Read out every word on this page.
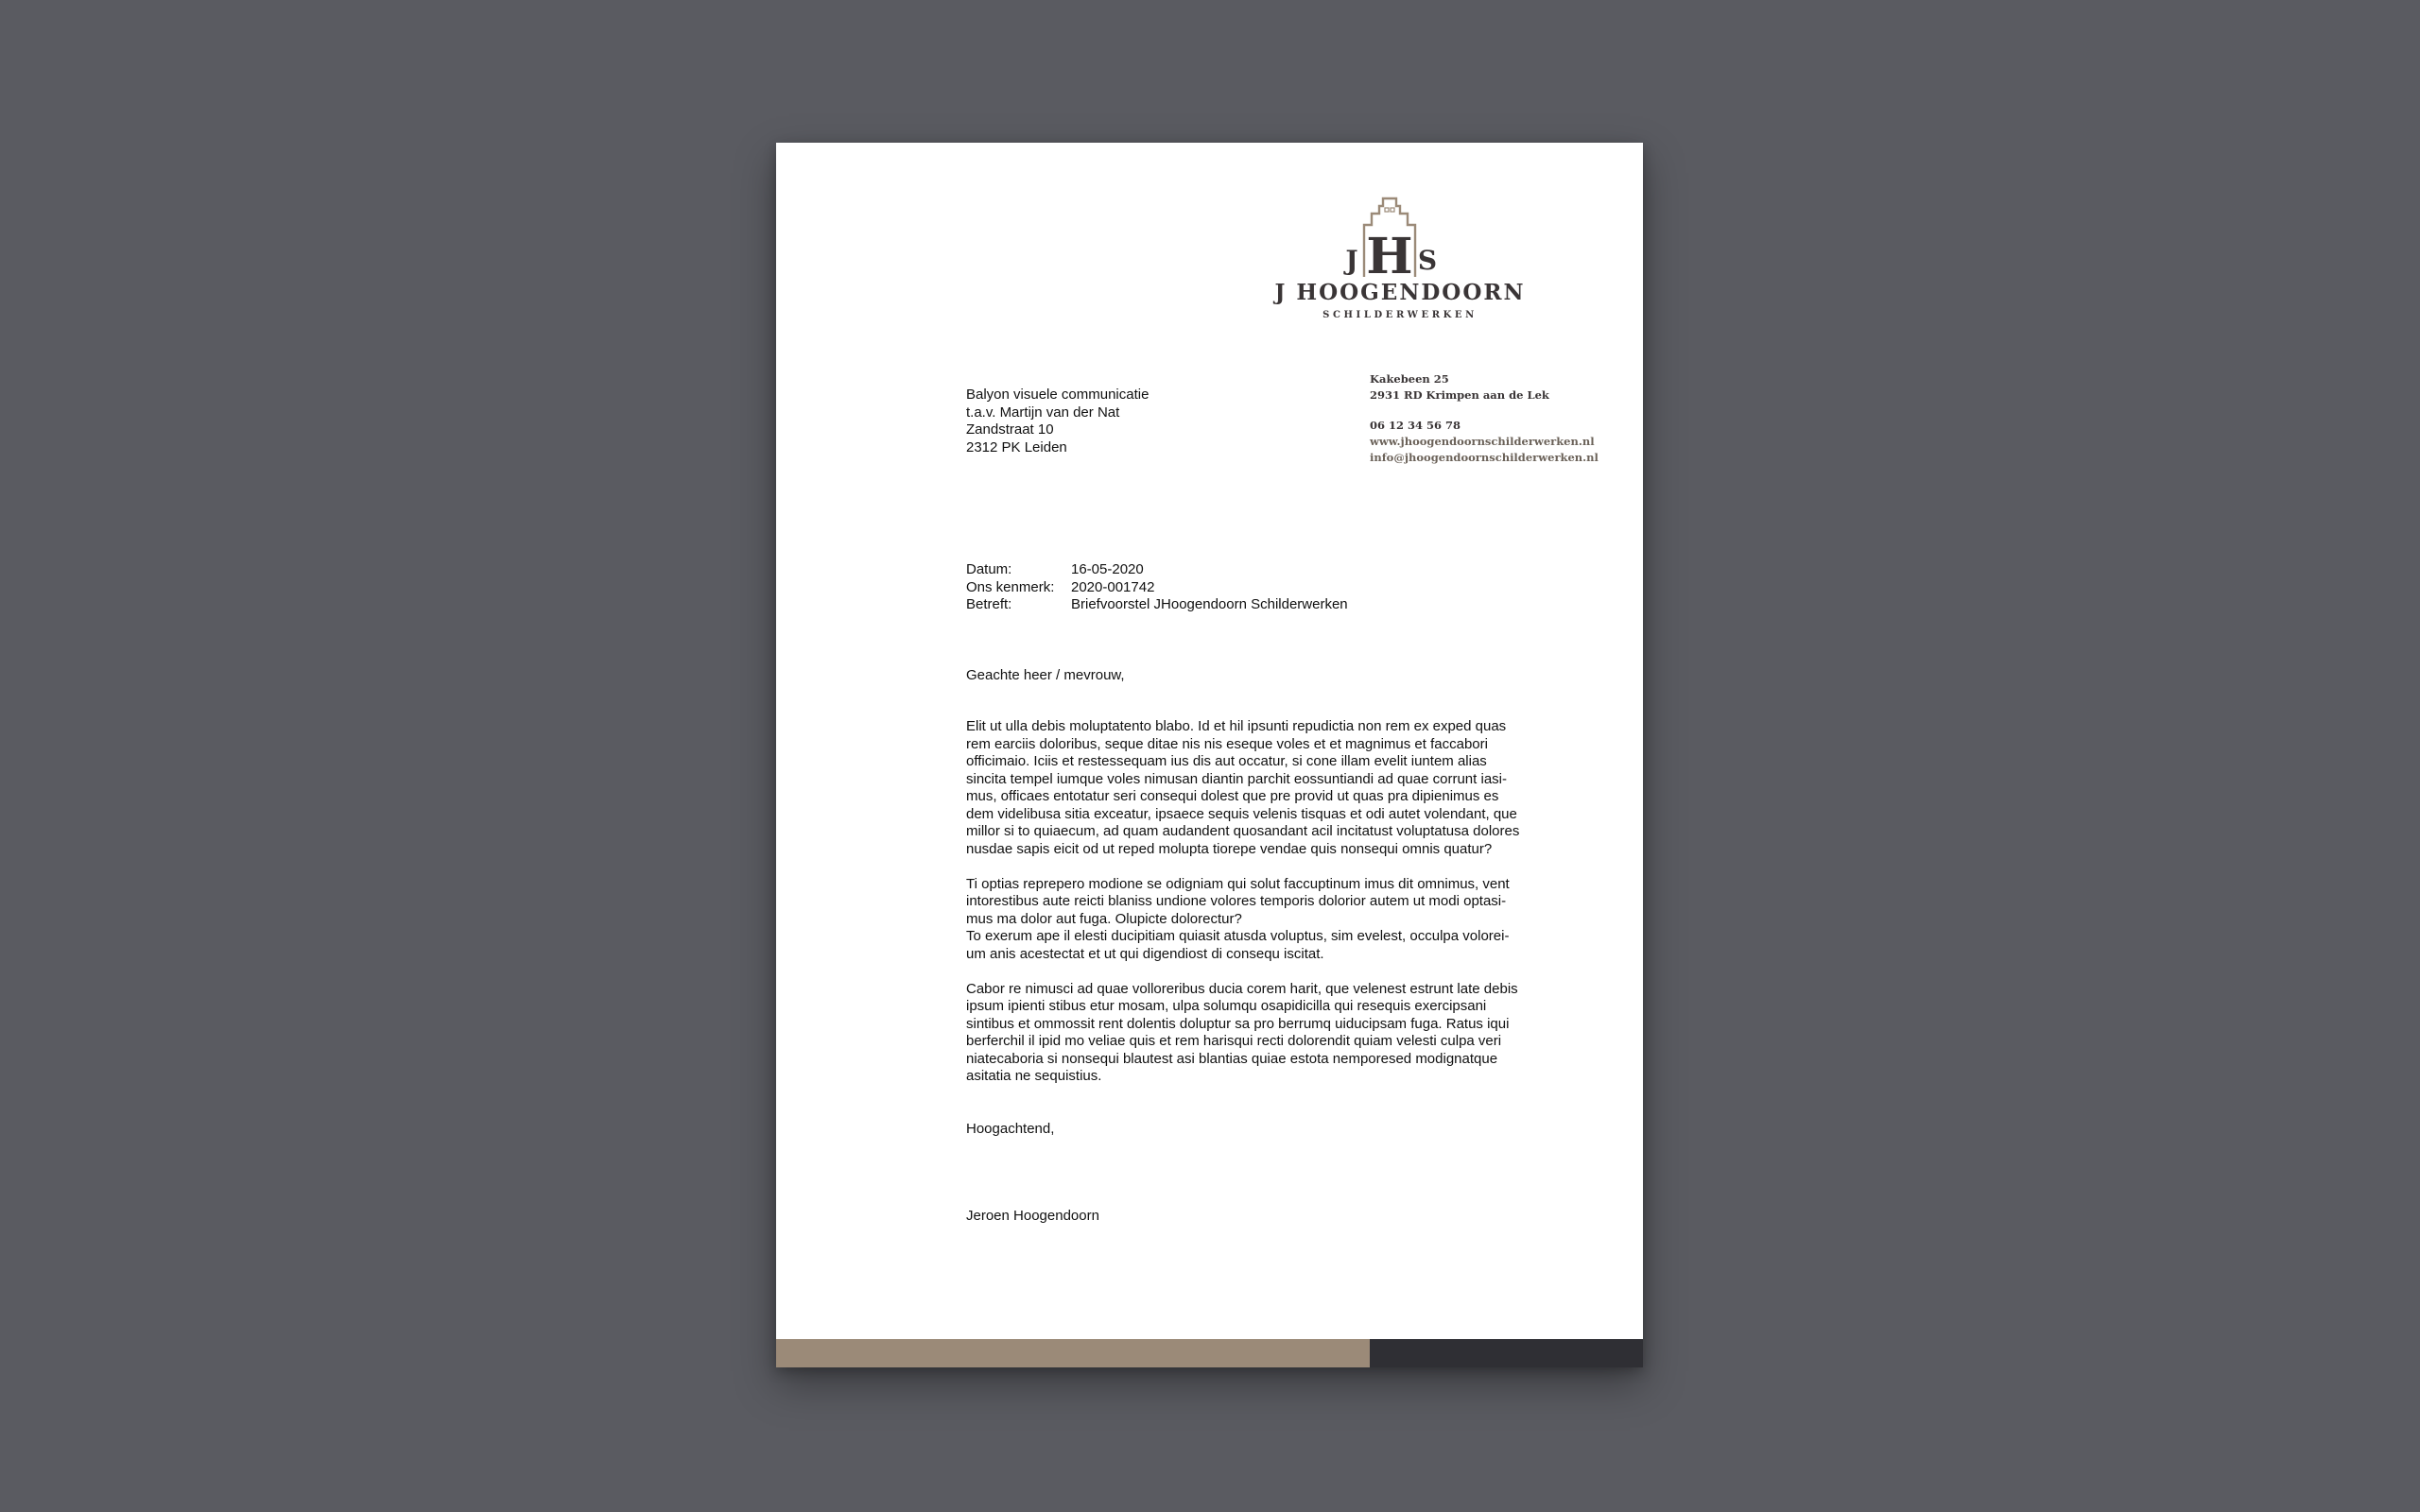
H
J S
J HOOGENDOORN
SCHILDERWERKEN
Kakebeen 25
2931 RD Krimpen aan de Lek
06 12 34 56 78
www.jhoogendoornschilderwerken.nl
info@jhoogendoornschilderwerken.nl
Balyon visuele communicatie
t.a.v. Martijn van der Nat
Zandstraat 10
2312 PK Leiden
Datum:	16-05-2020
Ons kenmerk:	2020-001742
Betreft:	Briefvoorstel JHoogendoorn Schilderwerken
Geachte heer / mevrouw,

Elit ut ulla debis moluptatento blabo. Id et hil ipsunti repudictia non rem ex exped quas
rem earciis doloribus, seque ditae nis nis eseque voles et et magnimus et faccabori
officimaio. Iciis et restessequam ius dis aut occatur, si cone illam evelit iuntem alias
sincita tempel iumque voles nimusan diantin parchit eossuntiandi ad quae corrunt iasi-
mus, officaes entotatur seri consequi dolest que pre provid ut quas pra dipienimus es
dem videlibusa sitia exceatur, ipsaece sequis velenis tisquas et odi autet volendant, que
millor si to quiaecum, ad quam audandent quosandant acil incitatust voluptatusa dolores
nusdae sapis eicit od ut reped molupta tiorepe vendae quis nonsequi omnis quatur?

Ti optias reprepero modione se odigniam qui solut faccuptinum imus dit omnimus, vent
intorestibus aute reicti blaniss undione volores temporis dolorior autem ut modi optasi-
mus ma dolor aut fuga. Olupicte dolorectur?
To exerum ape il elesti ducipitiam quiasit atusda voluptus, sim evelest, occulpa volorei-
um anis acestectat et ut qui digendiost di consequ iscitat.

Cabor re nimusci ad quae volloreribus ducia corem harit, que velenest estrunt late debis
ipsum ipienti stibus etur mosam, ulpa solumqu osapidicilla qui resequis exercipsani
sintibus et ommossit rent dolentis doluptur sa pro berrumq uiducipsam fuga. Ratus iqui
berferchil il ipid mo veliae quis et rem harisqui recti dolorendit quiam velesti culpa veri
niatecaboria si nonsequi blautest asi blantias quiae estota nemporesed modignatque
asitatia ne sequistius.

Hoogachtend,
Jeroen Hoogendoorn
